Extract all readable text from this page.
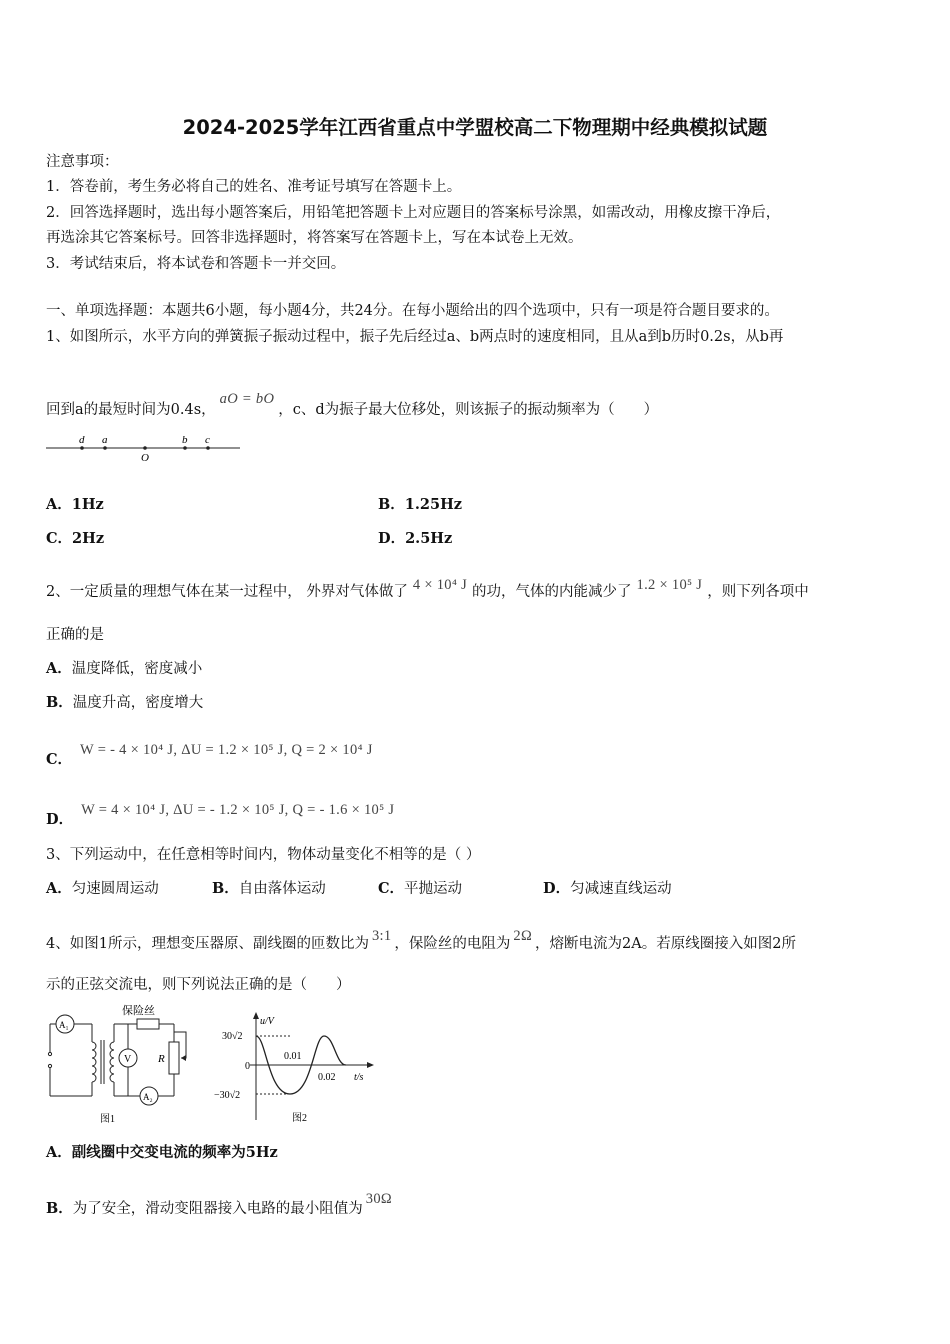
2024-2025学年江西省重点中学盟校高二下物理期中经典模拟试题
注意事项：
1．答卷前，考生务必将自己的姓名、准考证号填写在答题卡上。
2．回答选择题时，选出每小题答案后，用铅笔把答题卡上对应题目的答案标号涂黑，如需改动，用橡皮擦干净后，
再选涂其它答案标号。回答非选择题时，将答案写在答题卡上，写在本试卷上无效。
3．考试结束后，将本试卷和答题卡一并交回。
一、单项选择题：本题共6小题，每小题4分，共24分。在每小题给出的四个选项中，只有一项是符合题目要求的。
1、如图所示，水平方向的弹簧振子振动过程中，振子先后经过a、b两点时的速度相同，且从a到b历时0.2s，从b再
回到a的最短时间为0.4s，aO = bO，c、d为振子最大位移处，则该振子的振动频率为（　　）
d a
O
b c
A．1Hz	B．1.25Hz
C．2Hz	D．2.5Hz
2、一定质量的理想气体在某一过程中， 外界对气体做了 4 × 10⁴ J 的功，气体的内能减少了 1.2 × 10⁵ J ，则下列各项中
正确的是
A．温度降低，密度减小
B．温度升高，密度增大
C．W = - 4 × 10⁴ J, ΔU = 1.2 × 10⁵ J, Q = 2 × 10⁴ J
D．W = 4 × 10⁴ J, ΔU = - 1.2 × 10⁵ J, Q = - 1.6 × 10⁵ J
3、下列运动中，在任意相等时间内，物体动量变化不相等的是（ ）
A．匀速圆周运动	B．自由落体运动	C．平抛运动	D．匀减速直线运动
4、如图1所示，理想变压器原、副线圈的匝数比为 3:1 ，保险丝的电阻为 2Ω ，熔断电流为2A。若原线圈接入如图2所
示的正弦交流电，则下列说法正确的是（　　）
保险丝
A₁
V
A₂
R
图1
u/V
t/s
30√2
−30√2
0
0.01
0.02
图2
A．副线圈中交变电流的频率为5Hz
B．为了安全，滑动变阻器接入电路的最小阻值为30Ω
